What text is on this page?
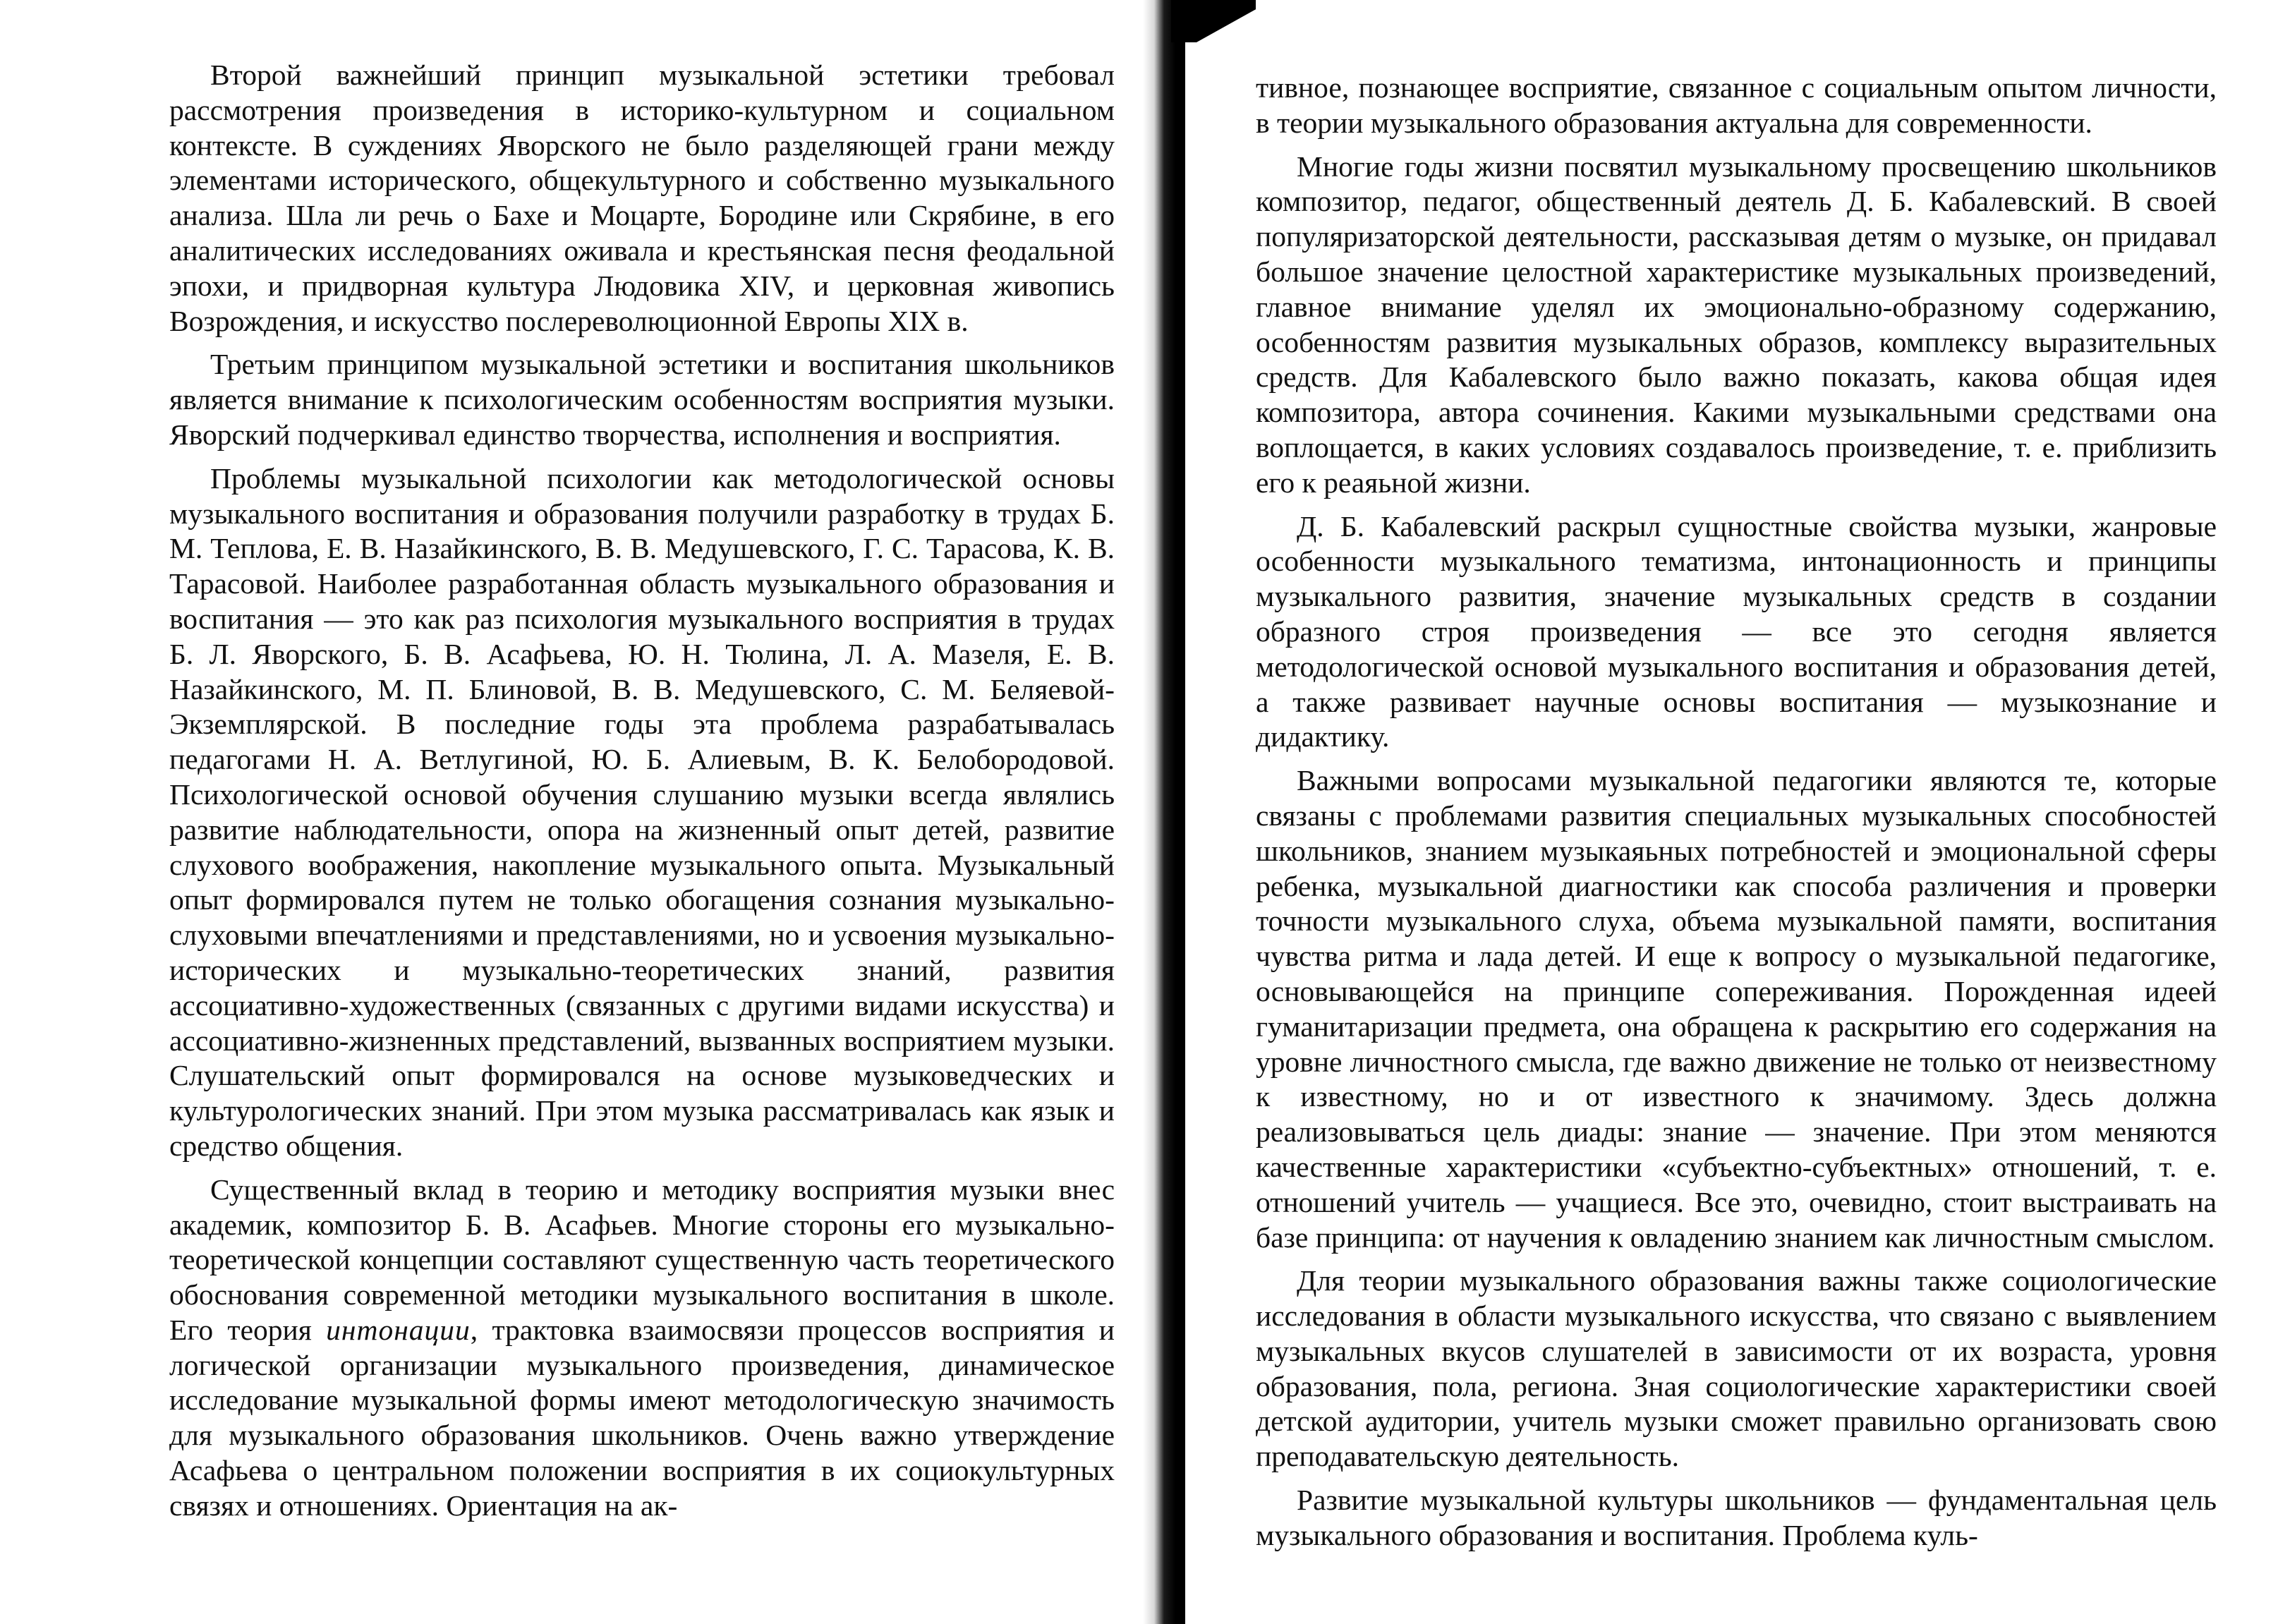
Второй важнейший принцип музыкальной эстетики требовал рассмотрения произведения в историко-культурном и социальном контексте. В суждениях Яворского не было разделяющей грани между элементами исторического, общекультурного и собственно музыкального анализа. Шла ли речь о Бахе и Моцарте, Бородине или Скрябине, в его аналитических исследованиях оживала и крестьянская песня феодальной эпохи, и придворная культура Людовика XIV, и церковная живопись Возрождения, и искусство послереволюционной Европы XIX в.

Третьим принципом музыкальной эстетики и воспитания школьников является внимание к психологическим особенностям восприятия музыки. Яворский подчеркивал единство творчества, исполнения и восприятия.

Проблемы музыкальной психологии как методологической основы музыкального воспитания и образования получили разработку в трудах Б. М. Теплова, Е. В. Назайкинского, В. В. Медушевского, Г. С. Тарасова, К. В. Тарасовой. Наиболее разработанная область музыкального образования и воспитания — это как раз психология музыкального восприятия в трудах Б. Л. Яворского, Б. В. Асафьева, Ю. Н. Тюлина, Л. А. Мазеля, Е. В. Назайкинского, М. П. Блиновой, В. В. Медушевского, С. М. Беляевой-Экземплярской. В последние годы эта проблема разрабатывалась педагогами Н. А. Ветлугиной, Ю. Б. Алиевым, В. К. Белобородовой. Психологической основой обучения слушанию музыки всегда являлись развитие наблюдательности, опора на жизненный опыт детей, развитие слухового воображения, накопление музыкального опыта. Музыкальный опыт формировался путем не только обогащения сознания музыкально-слуховыми впечатлениями и представлениями, но и усвоения музыкально-исторических и музыкально-теоретических знаний, развития ассоциативно-художественных (связанных с другими видами искусства) и ассоциативно-жизненных представлений, вызванных восприятием музыки. Слушательский опыт формировался на основе музыковедческих и культурологических знаний. При этом музыка рассматривалась как язык и средство общения.

Существенный вклад в теорию и методику восприятия музыки внес академик, композитор Б. В. Асафьев. Многие стороны его музыкально-теоретической концепции составляют существенную часть теоретического обоснования современной методики музыкального воспитания в школе. Его теория интонации, трактовка взаимосвязи процессов восприятия и логической организации музыкального произведения, динамическое исследование музыкальной формы имеют методологическую значимость для музыкального образования школьников. Очень важно утверждение Асафьева о центральном положении восприятия в их социокультурных связях и отношениях. Ориентация на ак-

тивное, познающее восприятие, связанное с социальным опытом личности, в теории музыкального образования актуальна для современности.

Многие годы жизни посвятил музыкальному просвещению школьников композитор, педагог, общественный деятель Д. Б. Кабалевский. В своей популяризаторской деятельности, рассказывая детям о музыке, он придавал большое значение целостной характеристике музыкальных произведений, главное внимание уделял их эмоционально-образному содержанию, особенностям развития музыкальных образов, комплексу выразительных средств. Для Кабалевского было важно показать, какова общая идея композитора, автора сочинения. Какими музыкальными средствами она воплощается, в каких условиях создавалось произведение, т. е. приблизить его к реаяьной жизни.

Д. Б. Кабалевский раскрыл сущностные свойства музыки, жанровые особенности музыкального тематизма, интонационность и принципы музыкального развития, значение музыкальных средств в создании образного строя произведения — все это сегодня является методологической основой музыкального воспитания и образования детей, а также развивает научные основы воспитания — музыкознание и дидактику.

Важными вопросами музыкальной педагогики являются те, которые связаны с проблемами развития специальных музыкальных способностей школьников, знанием музыкаяьных потребностей и эмоциональной сферы ребенка, музыкальной диагностики как способа различения и проверки точности музыкального слуха, объема музыкальной памяти, воспитания чувства ритма и лада детей. И еще к вопросу о музыкальной педагогике, основывающейся на принципе сопереживания. Порожденная идеей гуманитаризации предмета, она обращена к раскрытию его содержания на уровне личностного смысла, где важно движение не только от неизвестному к известному, но и от известного к значимому. Здесь должна реализовываться цель диады: знание — значение. При этом меняются качественные характеристики «субъектно-субъектных» отношений, т. е. отношений учитель — учащиеся. Все это, очевидно, стоит выстраивать на базе принципа: от научения к овладению знанием как личностным смыслом.

Для теории музыкального образования важны также социологические исследования в области музыкального искусства, что связано с выявлением музыкальных вкусов слушателей в зависимости от их возраста, уровня образования, пола, региона. Зная социологические характеристики своей детской аудитории, учитель музыки сможет правильно организовать свою преподавательскую деятельность.

Развитие музыкальной культуры школьников — фундаментальная цель музыкального образования и воспитания. Проблема куль-
